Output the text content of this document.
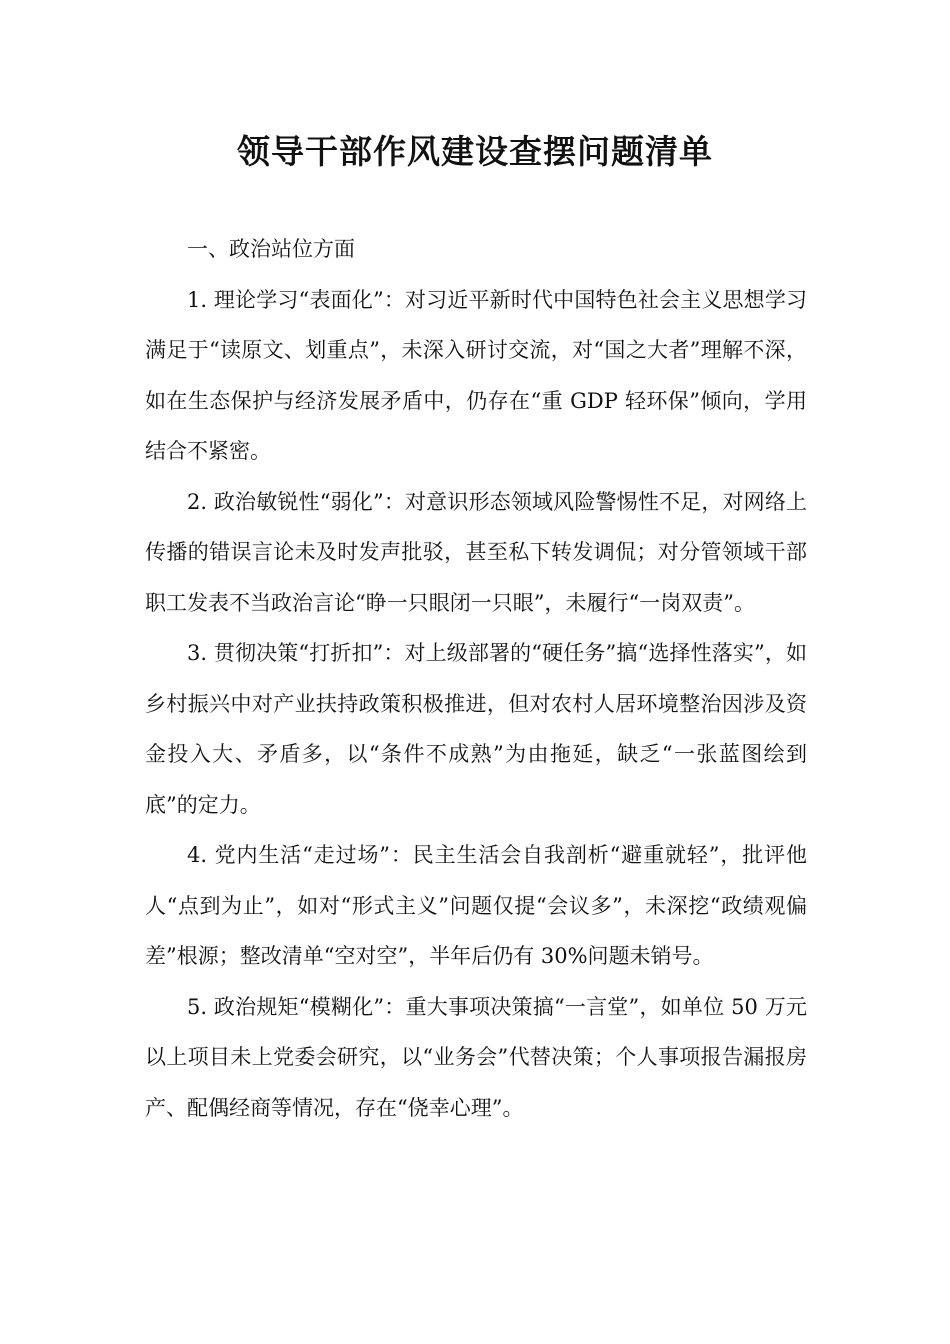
领导干部作风建设查摆问题清单

一、政治站位方面

1. 理论学习“表面化”：对习近平新时代中国特色社会主义思想学习满足于“读原文、划重点”，未深入研讨交流，对“国之大者”理解不深，如在生态保护与经济发展矛盾中，仍存在“重 GDP 轻环保”倾向，学用结合不紧密。

2. 政治敏锐性“弱化”：对意识形态领域风险警惕性不足，对网络上传播的错误言论未及时发声批驳，甚至私下转发调侃；对分管领域干部职工发表不当政治言论“睁一只眼闭一只眼”，未履行“一岗双责”。

3. 贯彻决策“打折扣”：对上级部署的“硬任务”搞“选择性落实”，如乡村振兴中对产业扶持政策积极推进，但对农村人居环境整治因涉及资金投入大、矛盾多，以“条件不成熟”为由拖延，缺乏“一张蓝图绘到底”的定力。

4. 党内生活“走过场”：民主生活会自我剖析“避重就轻”，批评他人“点到为止”，如对“形式主义”问题仅提“会议多”，未深挖“政绩观偏差”根源；整改清单“空对空”，半年后仍有 30%问题未销号。

5. 政治规矩“模糊化”：重大事项决策搞“一言堂”，如单位 50 万元以上项目未上党委会研究，以“业务会”代替决策；个人事项报告漏报房产、配偶经商等情况，存在“侥幸心理”。
